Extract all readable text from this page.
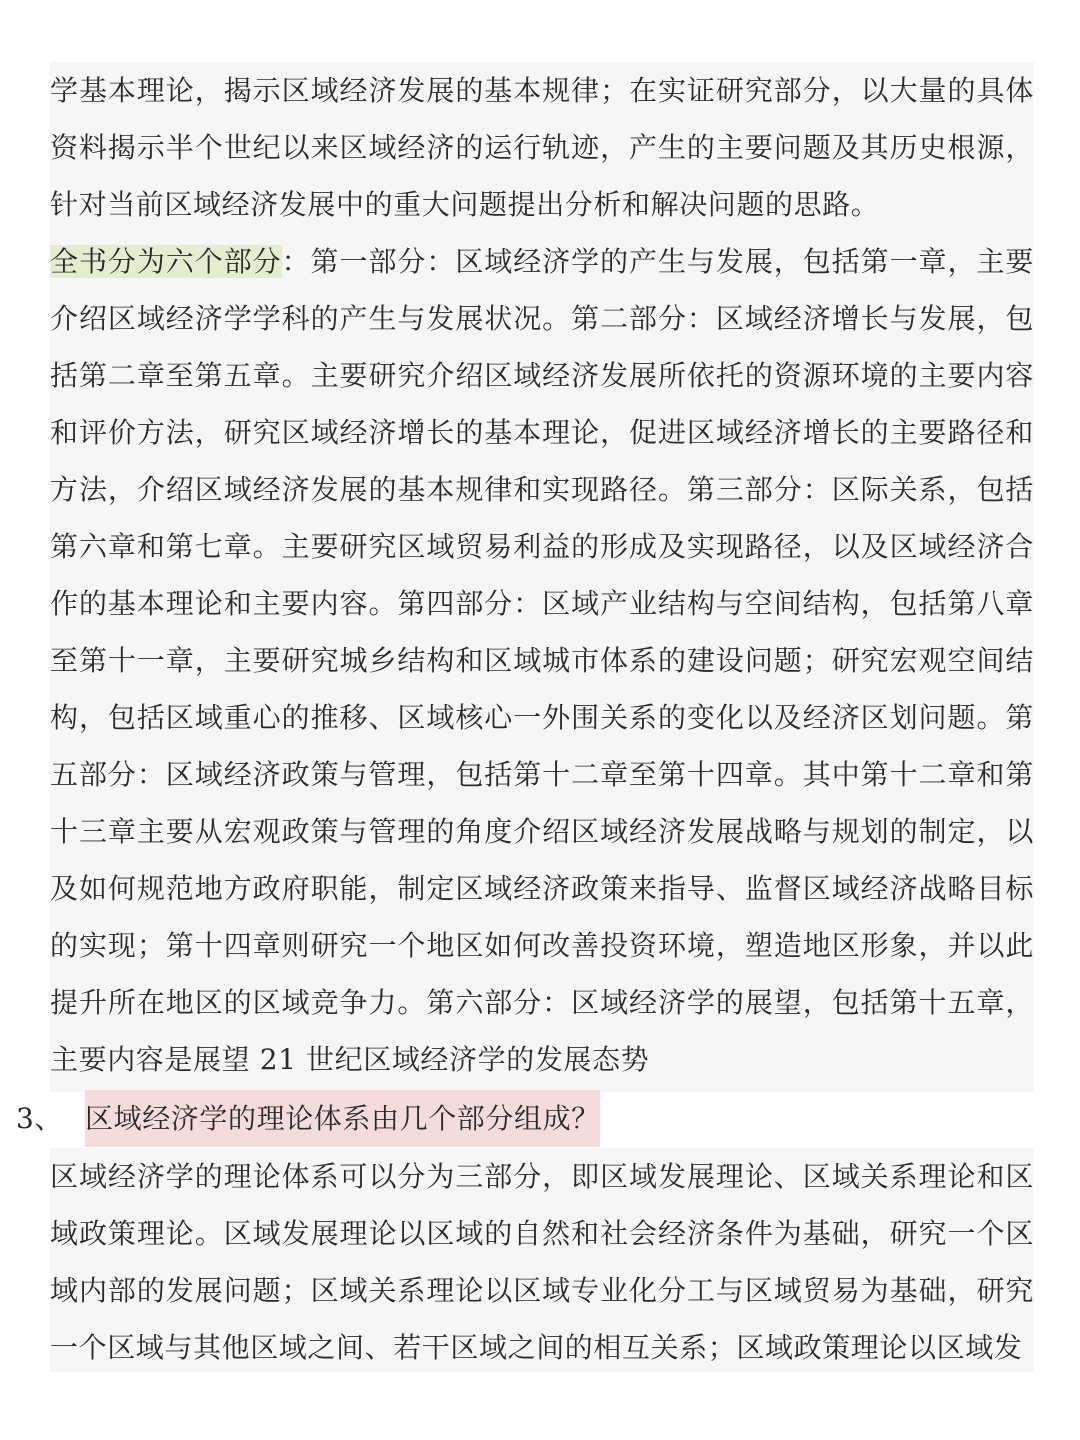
学基本理论，揭示区域经济发展的基本规律；在实证研究部分，以大量的具体资料揭示半个世纪以来区域经济的运行轨迹，产生的主要问题及其历史根源，针对当前区域经济发展中的重大问题提出分析和解决问题的思路。

全书分为六个部分：第一部分：区域经济学的产生与发展，包括第一章，主要介绍区域经济学学科的产生与发展状况。第二部分：区域经济增长与发展，包括第二章至第五章。主要研究介绍区域经济发展所依托的资源环境的主要内容和评价方法，研究区域经济增长的基本理论，促进区域经济增长的主要路径和方法，介绍区域经济发展的基本规律和实现路径。第三部分：区际关系，包括第六章和第七章。主要研究区域贸易利益的形成及实现路径，以及区域经济合作的基本理论和主要内容。第四部分：区域产业结构与空间结构，包括第八章至第十一章，主要研究城乡结构和区域城市体系的建设问题；研究宏观空间结构，包括区域重心的推移、区域核心一外围关系的变化以及经济区划问题。第五部分：区域经济政策与管理，包括第十二章至第十四章。其中第十二章和第十三章主要从宏观政策与管理的角度介绍区域经济发展战略与规划的制定，以及如何规范地方政府职能，制定区域经济政策来指导、监督区域经济战略目标的实现；第十四章则研究一个地区如何改善投资环境，塑造地区形象，并以此提升所在地区的区域竞争力。第六部分：区域经济学的展望，包括第十五章，主要内容是展望 21 世纪区域经济学的发展态势

3、 区域经济学的理论体系由几个部分组成？

区域经济学的理论体系可以分为三部分，即区域发展理论、区域关系理论和区域政策理论。区域发展理论以区域的自然和社会经济条件为基础，研究一个区域内部的发展问题；区域关系理论以区域专业化分工与区域贸易为基础，研究一个区域与其他区域之间、若干区域之间的相互关系；区域政策理论以区域发
